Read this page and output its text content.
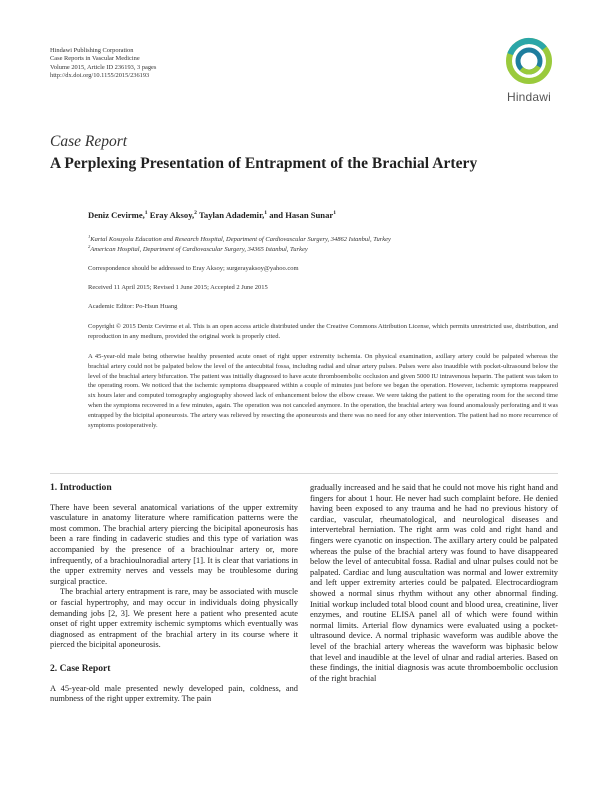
Hindawi Publishing Corporation
Case Reports in Vascular Medicine
Volume 2015, Article ID 236193, 3 pages
http://dx.doi.org/10.1155/2015/236193
Hindawi
Case Report
A Perplexing Presentation of Entrapment of the Brachial Artery
Deniz Cevirme,$^1$ Eray Aksoy,$^2$ Taylan Adademir,$^1$ and Hasan Sunar$^1$
$^1$Kartal Kosuyolu Education and Research Hospital, Department of Cardiovascular Surgery, 34862 Istanbul, Turkey
$^2$American Hospital, Department of Cardiovascular Surgery, 34365 Istanbul, Turkey
Correspondence should be addressed to Eray Aksoy; surgerayaksoy@yahoo.com
Received 11 April 2015; Revised 1 June 2015; Accepted 2 June 2015
Academic Editor: Po-Hsun Huang
Copyright © 2015 Deniz Cevirme et al. This is an open access article distributed under the Creative Commons Attribution License, which permits unrestricted use, distribution, and reproduction in any medium, provided the original work is properly cited.
A 45-year-old male being otherwise healthy presented acute onset of right upper extremity ischemia. On physical examination, axillary artery could be palpated whereas the brachial artery could not be palpated below the level of the antecubital fossa, including radial and ulnar artery pulses. Pulses were also inaudible with pocket-ultrasound below the level of the brachial artery bifurcation. The patient was initially diagnosed to have acute thromboembolic occlusion and given 5000 IU intravenous heparin. The patient was taken to the operating room. We noticed that the ischemic symptoms disappeared within a couple of minutes just before we began the operation. However, ischemic symptoms reappeared six hours later and computed tomography angiography showed lack of enhancement below the elbow crease. We were taking the patient to the operating room for the second time when the symptoms recovered in a few minutes, again. The operation was not canceled anymore. In the operation, the brachial artery was found anomalously perforating and it was entrapped by the bicipital aponeurosis. The artery was relieved by resecting the aponeurosis and there was no need for any other intervention. The patient had no more recurrence of symptoms postoperatively.
1. Introduction

There have been several anatomical variations of the upper extremity vasculature in anatomy literature where ramification patterns were the most common. The brachial artery piercing the bicipital aponeurosis has been a rare finding in cadaveric studies and this type of variation was accompanied by the presence of a brachioulnar artery or, more infrequently, of a brachioulnoradial artery [1]. It is clear that variations in the upper extremity nerves and vessels may be troublesome during surgical practice.

The brachial artery entrapment is rare, may be associated with muscle or fascial hypertrophy, and may occur in individuals doing physically demanding jobs [2, 3]. We present here a patient who presented acute onset of right upper extremity ischemic symptoms which eventually was diagnosed as entrapment of the brachial artery in its course where it pierced the bicipital aponeurosis.

2. Case Report

A 45-year-old male presented newly developed pain, coldness, and numbness of the right upper extremity. The pain

gradually increased and he said that he could not move his right hand and fingers for about 1 hour. He never had such complaint before. He denied having been exposed to any trauma and he had no previous history of cardiac, vascular, rheumatological, and neurological diseases and intervertebral herniation. The right arm was cold and right hand and fingers were cyanotic on inspection. The axillary artery could be palpated whereas the pulse of the brachial artery was found to have disappeared below the level of antecubital fossa. Radial and ulnar pulses could not be palpated. Cardiac and lung auscultation was normal and lower extremity and left upper extremity arteries could be palpated. Electrocardiogram showed a normal sinus rhythm without any other abnormal finding. Initial workup included total blood count and blood urea, creatinine, liver enzymes, and routine ELISA panel all of which were found within normal limits. Arterial flow dynamics were evaluated using a pocket-ultrasound device. A normal triphasic waveform was audible above the level of the brachial artery whereas the waveform was biphasic below that level and inaudible at the level of ulnar and radial arteries. Based on these findings, the initial diagnosis was acute thromboembolic occlusion of the right brachial
